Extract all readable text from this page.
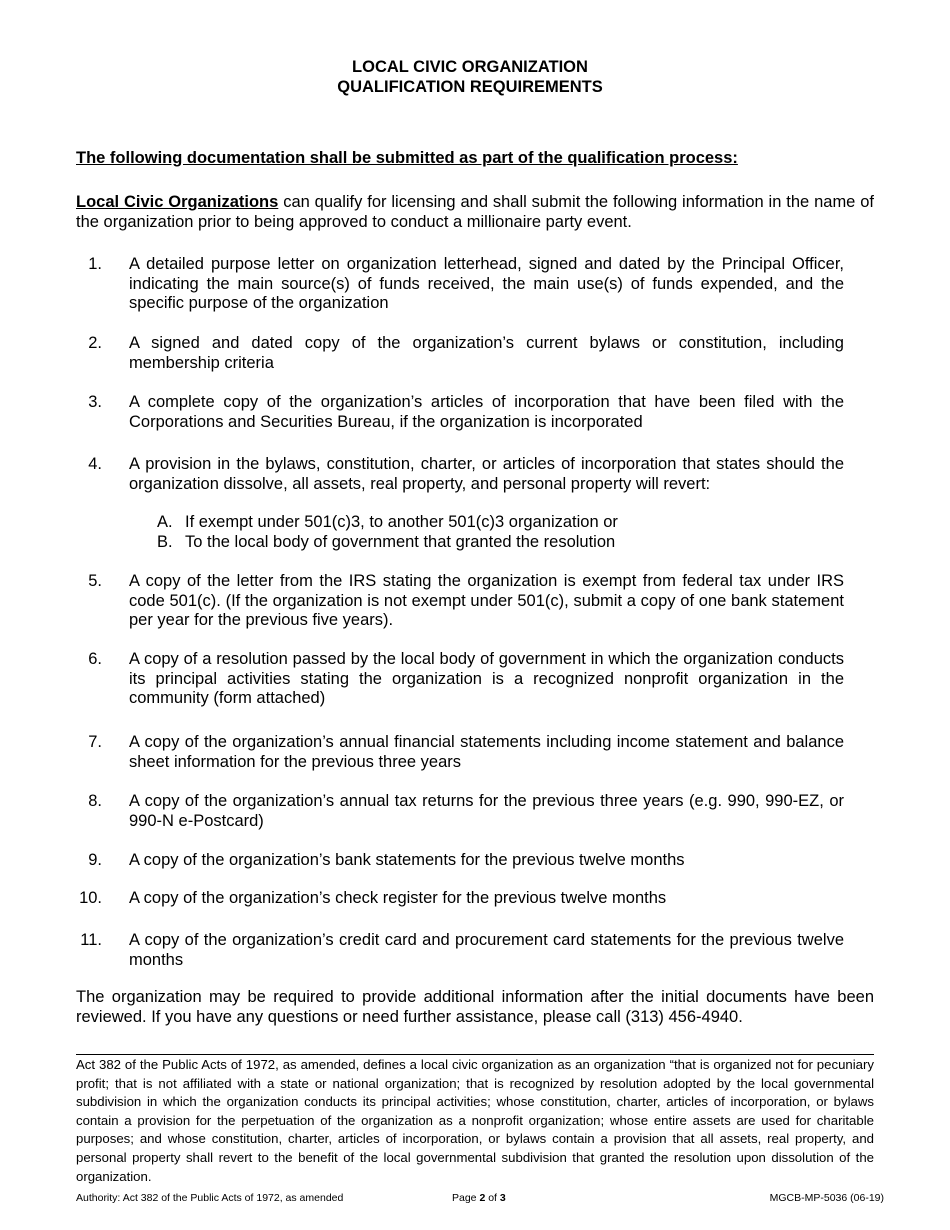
LOCAL CIVIC ORGANIZATION
QUALIFICATION REQUIREMENTS
The following documentation shall be submitted as part of the qualification process:
Local Civic Organizations can qualify for licensing and shall submit the following information in the name of the organization prior to being approved to conduct a millionaire party event.
1. A detailed purpose letter on organization letterhead, signed and dated by the Principal Officer, indicating the main source(s) of funds received, the main use(s) of funds expended, and the specific purpose of the organization
2. A signed and dated copy of the organization’s current bylaws or constitution, including membership criteria
3. A complete copy of the organization’s articles of incorporation that have been filed with the Corporations and Securities Bureau, if the organization is incorporated
4. A provision in the bylaws, constitution, charter, or articles of incorporation that states should the organization dissolve, all assets, real property, and personal property will revert:
5. A copy of the letter from the IRS stating the organization is exempt from federal tax under IRS code 501(c). (If the organization is not exempt under 501(c), submit a copy of one bank statement per year for the previous five years).
6. A copy of a resolution passed by the local body of government in which the organization conducts its principal activities stating the organization is a recognized nonprofit organization in the community (form attached)
7. A copy of the organization’s annual financial statements including income statement and balance sheet information for the previous three years
8. A copy of the organization’s annual tax returns for the previous three years (e.g. 990, 990-EZ, or 990-N e-Postcard)
9. A copy of the organization’s bank statements for the previous twelve months
10. A copy of the organization’s check register for the previous twelve months
11. A copy of the organization’s credit card and procurement card statements for the previous twelve months
A. If exempt under 501(c)3, to another 501(c)3 organization or
B. To the local body of government that granted the resolution
The organization may be required to provide additional information after the initial documents have been reviewed. If you have any questions or need further assistance, please call (313) 456-4940.
Act 382 of the Public Acts of 1972, as amended, defines a local civic organization as an organization “that is organized not for pecuniary profit; that is not affiliated with a state or national organization; that is recognized by resolution adopted by the local governmental subdivision in which the organization conducts its principal activities; whose constitution, charter, articles of incorporation, or bylaws contain a provision for the perpetuation of the organization as a nonprofit organization; whose entire assets are used for charitable purposes; and whose constitution, charter, articles of incorporation, or bylaws contain a provision that all assets, real property, and personal property shall revert to the benefit of the local governmental subdivision that granted the resolution upon dissolution of the organization.
Authority: Act 382 of the Public Acts of 1972, as amended	Page 2 of 3	MGCB-MP-5036 (06-19)
